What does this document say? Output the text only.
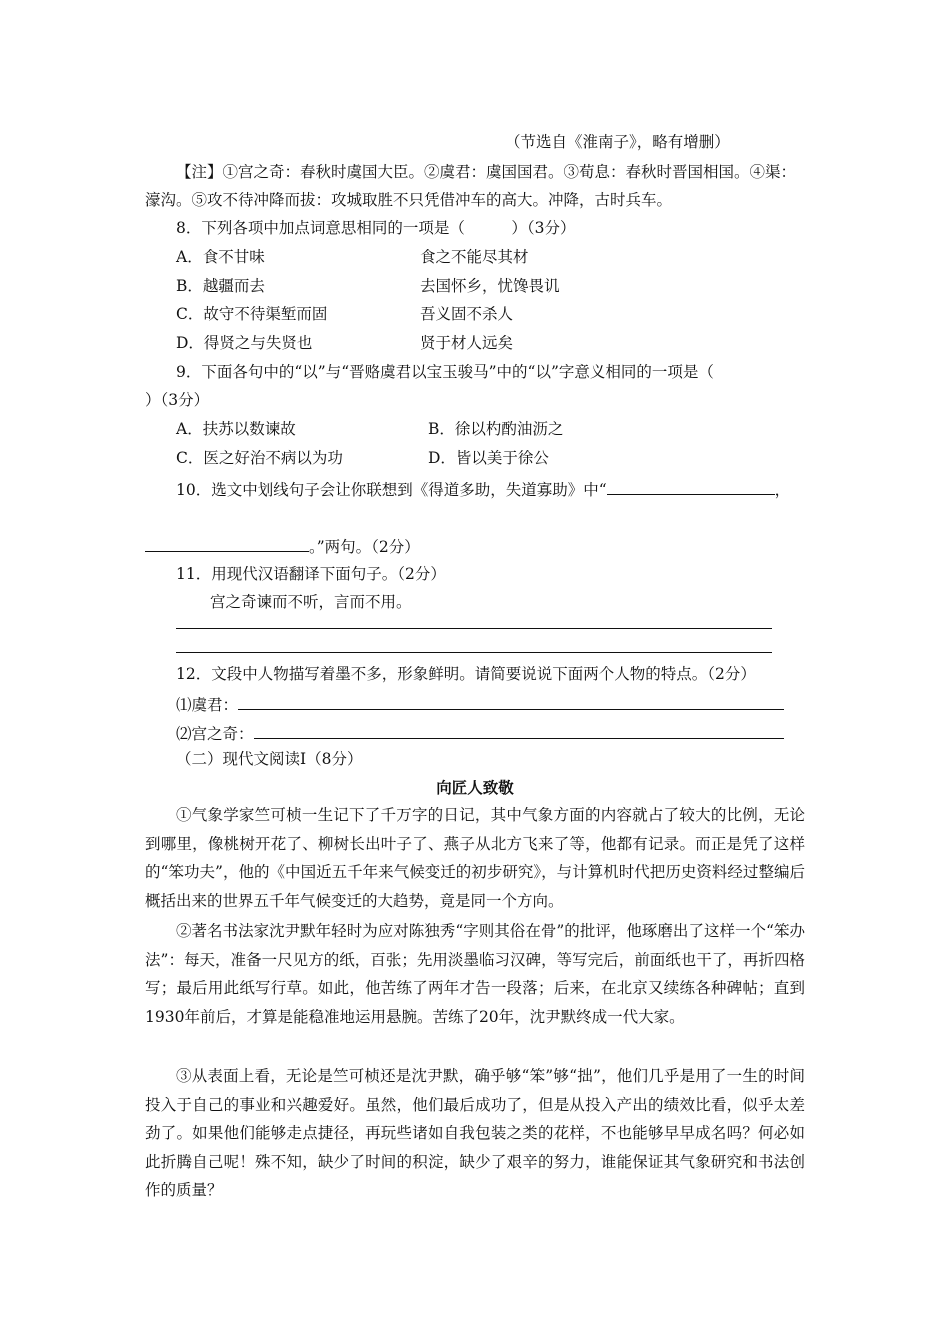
（节选自《淮南子》，略有增删）
【注】①宫之奇：春秋时虞国大臣。②虞君：虞国国君。③荀息：春秋时晋国相国。④渠：
濠沟。⑤攻不待冲降而拔：攻城取胜不只凭借冲车的高大。冲降，古时兵车。
8．下列各项中加点词意思相同的一项是（　　　）（3分）
A．食不甘味	食之不能尽其材
B．越疆而去	去国怀乡，忧馋畏讥
C．故守不待渠堑而固	吾义固不杀人
D．得贤之与失贤也	贤于材人远矣
9．下面各句中的“以”与“晋赂虞君以宝玉骏马”中的“以”字意义相同的一项是（
）（3分）
A．扶苏以数谏故	B．徐以杓酌油沥之
C．医之好治不病以为功	D．皆以美于徐公
10．选文中划线句子会让你联想到《得道多助，失道寡助》中“	，
。”两句。（2分）
11．用现代汉语翻译下面句子。（2分）
宫之奇谏而不听，言而不用。
12．文段中人物描写着墨不多，形象鲜明。请简要说说下面两个人物的特点。（2分）
⑴虞君：
⑵宫之奇：
（二）现代文阅读Ⅰ（8分）
向匠人致敬
①气象学家竺可桢一生记下了千万字的日记，其中气象方面的内容就占了较大的比例，无论到哪里，像桃树开花了、柳树长出叶子了、燕子从北方飞来了等，他都有记录。而正是凭了这样的“笨功夫”，他的《中国近五千年来气候变迁的初步研究》，与计算机时代把历史资料经过整编后概括出来的世界五千年气候变迁的大趋势，竟是同一个方向。
②著名书法家沈尹默年轻时为应对陈独秀“字则其俗在骨”的批评，他琢磨出了这样一个“笨办法”：每天，准备一尺见方的纸，百张；先用淡墨临习汉碑，等写完后，前面纸也干了，再折四格写；最后用此纸写行草。如此，他苦练了两年才告一段落；后来，在北京又续练各种碑帖；直到1930年前后，才算是能稳准地运用悬腕。苦练了20年，沈尹默终成一代大家。
③从表面上看，无论是竺可桢还是沈尹默，确乎够“笨”够“拙”，他们几乎是用了一生的时间投入于自己的事业和兴趣爱好。虽然，他们最后成功了，但是从投入产出的绩效比看，似乎太差劲了。如果他们能够走点捷径，再玩些诸如自我包装之类的花样，不也能够早早成名吗？何必如此折腾自己呢！殊不知，缺少了时间的积淀，缺少了艰辛的努力，谁能保证其气象研究和书法创作的质量？
